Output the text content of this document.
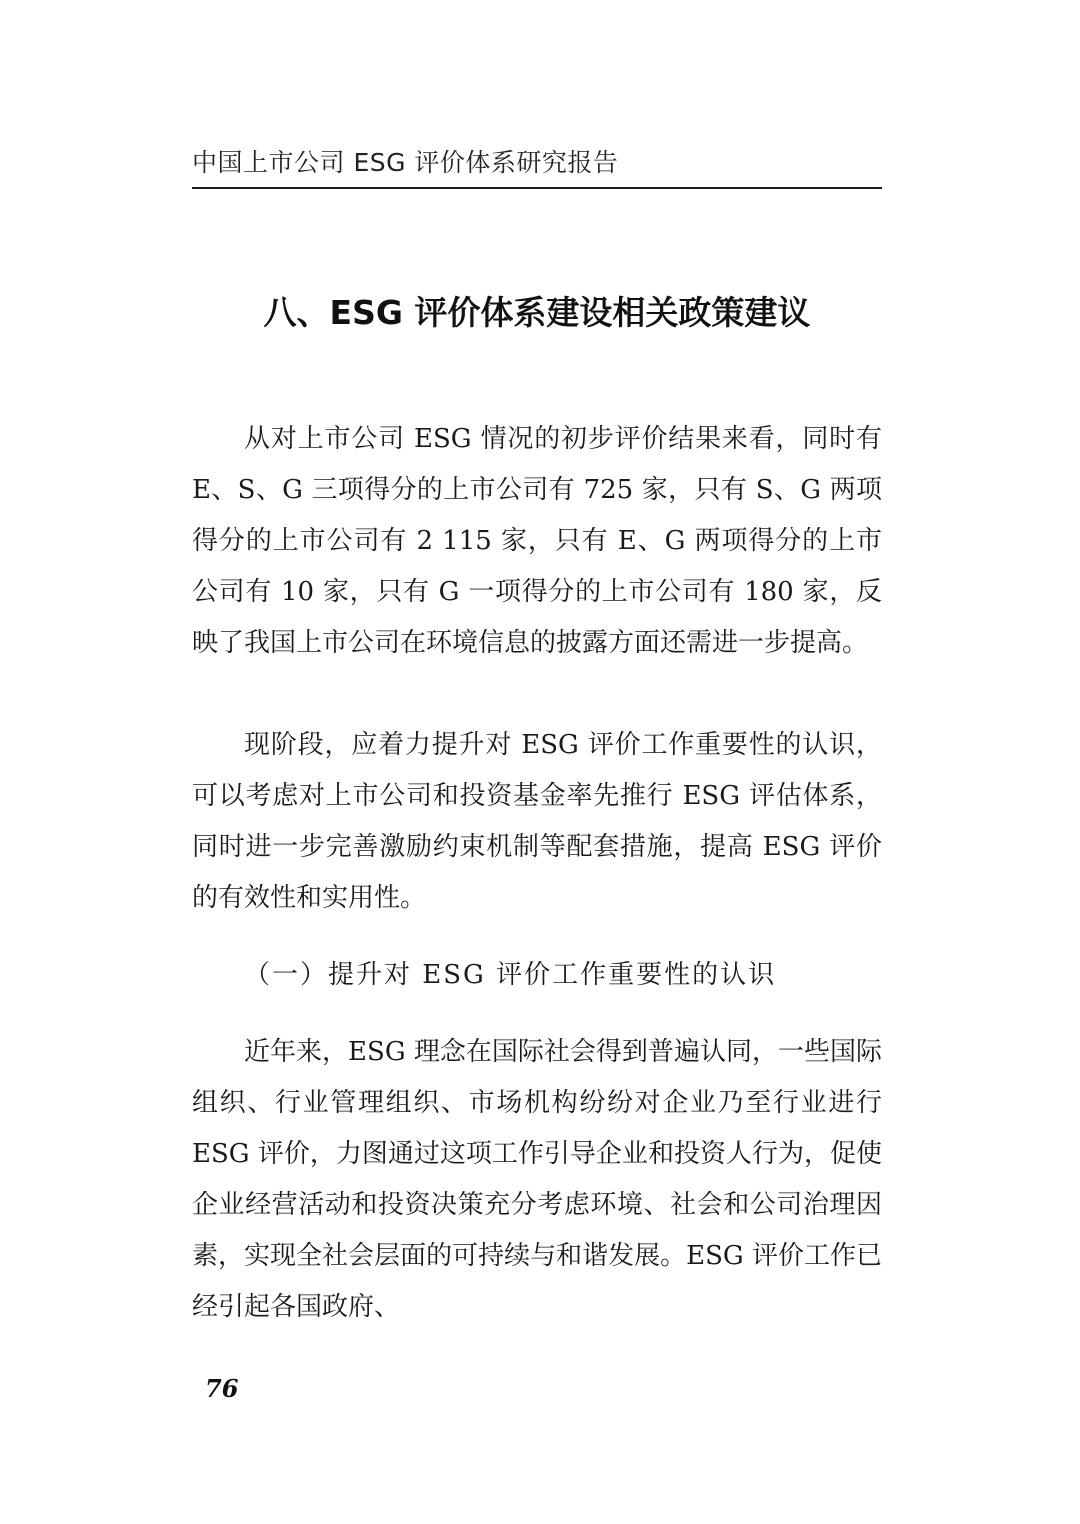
中国上市公司 ESG 评价体系研究报告
八、ESG 评价体系建设相关政策建议

从对上市公司 ESG 情况的初步评价结果来看，同时有 E、S、G 三项得分的上市公司有 725 家，只有 S、G 两项得分的上市公司有 2 115 家，只有 E、G 两项得分的上市公司有 10 家，只有 G 一项得分的上市公司有 180 家，反映了我国上市公司在环境信息的披露方面还需进一步提高。

现阶段，应着力提升对 ESG 评价工作重要性的认识，可以考虑对上市公司和投资基金率先推行 ESG 评估体系，同时进一步完善激励约束机制等配套措施，提高 ESG 评价的有效性和实用性。

（一）提升对 ESG 评价工作重要性的认识

近年来，ESG 理念在国际社会得到普遍认同，一些国际组织、行业管理组织、市场机构纷纷对企业乃至行业进行 ESG 评价，力图通过这项工作引导企业和投资人行为，促使企业经营活动和投资决策充分考虑环境、社会和公司治理因素，实现全社会层面的可持续与和谐发展。ESG 评价工作已经引起各国政府、

76
